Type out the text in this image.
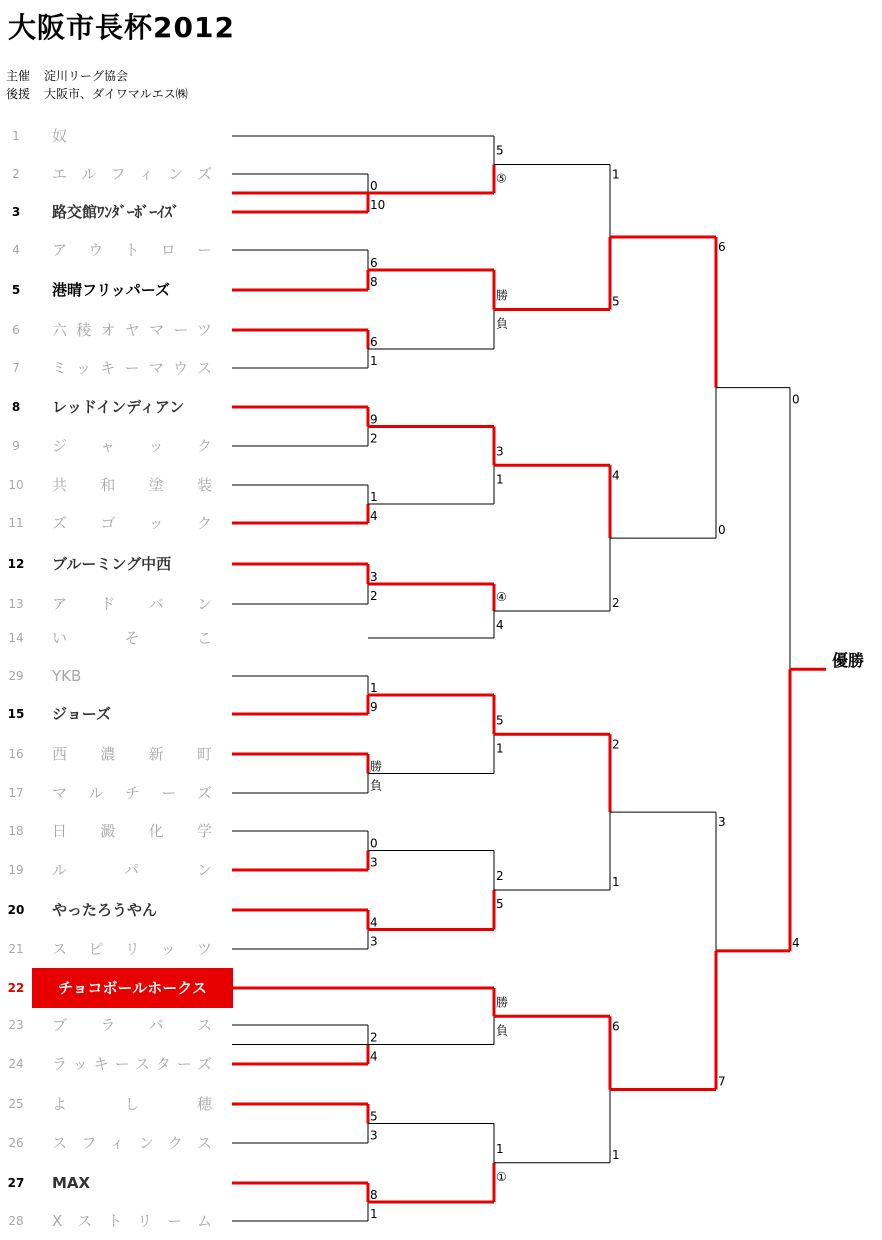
大阪市長杯2012
主催 淀川リーグ協会
後援 大阪市、ダイワマルエス㈱
1	奴
2	エルフィンズ
3	路交館ﾜﾝﾀﾞｰﾎﾞｰｲｽﾞ
4	アウトロー
5	港晴フリッパーズ
6	六稜オヤマーツ
7	ミッキーマウス
8	レッドインディアン
9	ジャック
10	共和塗装
11	ズゴック
12	ブルーミング中西
13	アドバン
14	いそこ
29	YKB
15	ジョーズ
16	西濃新町
17	マルチーズ
18	日澱化学
19	ルパン
20	やったろうやん
21	スピリッツ
22	チョコボールホークス
23	ブラバス
24	ラッキースターズ
25	よし穂
26	スフィンクス
27	MAX
28	Xストリーム
0
10
6
8
6
1
9
2
1
4
3
2
1
9
勝
負
0
3
4
3
2
4
5
3
8
1
5
⑤
勝
負
3
1
④
4
5
1
2
5
勝
負
1
①
1
5
4
2
2
1
6
1
6
0
3
7
0
4
優勝
